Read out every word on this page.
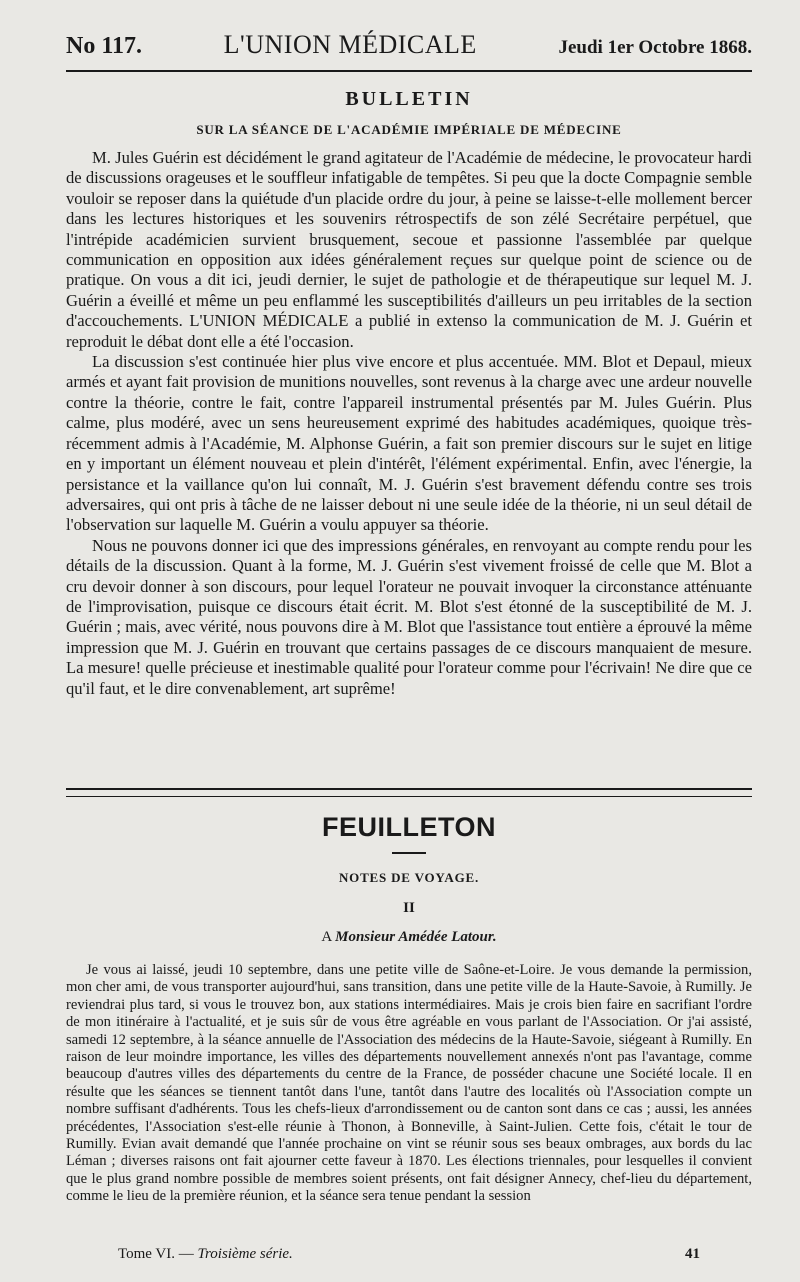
No 117.	L'UNION MÉDICALE	Jeudi 1er Octobre 1868.
BULLETIN
SUR LA SÉANCE DE L'ACADÉMIE IMPÉRIALE DE MÉDECINE

M. Jules Guérin est décidément le grand agitateur de l'Académie de médecine, le provocateur hardi de discussions orageuses et le souffleur infatigable de tempêtes. Si peu que la docte Compagnie semble vouloir se reposer dans la quiétude d'un placide ordre du jour, à peine se laisse-t-elle mollement bercer dans les lectures historiques et les souvenirs rétrospectifs de son zélé Secrétaire perpétuel, que l'intrépide académicien survient brusquement, secoue et passionne l'assemblée par quelque communication en opposition aux idées généralement reçues sur quelque point de science ou de pratique. On vous a dit ici, jeudi dernier, le sujet de pathologie et de thérapeutique sur lequel M. J. Guérin a éveillé et même un peu enflammé les susceptibilités d'ailleurs un peu irritables de la section d'accouchements. L'UNION MÉDICALE a publié in extenso la communication de M. J. Guérin et reproduit le débat dont elle a été l'occasion.

La discussion s'est continuée hier plus vive encore et plus accentuée. MM. Blot et Depaul, mieux armés et ayant fait provision de munitions nouvelles, sont revenus à la charge avec une ardeur nouvelle contre la théorie, contre le fait, contre l'appareil instrumental présentés par M. Jules Guérin. Plus calme, plus modéré, avec un sens heureusement exprimé des habitudes académiques, quoique très-récemment admis à l'Académie, M. Alphonse Guérin, a fait son premier discours sur le sujet en litige en y important un élément nouveau et plein d'intérêt, l'élément expérimental. Enfin, avec l'énergie, la persistance et la vaillance qu'on lui connaît, M. J. Guérin s'est bravement défendu contre ses trois adversaires, qui ont pris à tâche de ne laisser debout ni une seule idée de la théorie, ni un seul détail de l'observation sur laquelle M. Guérin a voulu appuyer sa théorie.

Nous ne pouvons donner ici que des impressions générales, en renvoyant au compte rendu pour les détails de la discussion. Quant à la forme, M. J. Guérin s'est vivement froissé de celle que M. Blot a cru devoir donner à son discours, pour lequel l'orateur ne pouvait invoquer la circonstance atténuante de l'improvisation, puisque ce discours était écrit. M. Blot s'est étonné de la susceptibilité de M. J. Guérin ; mais, avec vérité, nous pouvons dire à M. Blot que l'assistance tout entière a éprouvé la même impression que M. J. Guérin en trouvant que certains passages de ce discours manquaient de mesure. La mesure! quelle précieuse et inestimable qualité pour l'orateur comme pour l'écrivain! Ne dire que ce qu'il faut, et le dire convenablement, art suprême!

FEUILLETON
NOTES DE VOYAGE.
II
A Monsieur Amédée Latour.

Je vous ai laissé, jeudi 10 septembre, dans une petite ville de Saône-et-Loire. Je vous demande la permission, mon cher ami, de vous transporter aujourd'hui, sans transition, dans une petite ville de la Haute-Savoie, à Rumilly. Je reviendrai plus tard, si vous le trouvez bon, aux stations intermédiaires. Mais je crois bien faire en sacrifiant l'ordre de mon itinéraire à l'actualité, et je suis sûr de vous être agréable en vous parlant de l'Association. Or j'ai assisté, samedi 12 septembre, à la séance annuelle de l'Association des médecins de la Haute-Savoie, siégeant à Rumilly. En raison de leur moindre importance, les villes des départements nouvellement annexés n'ont pas l'avantage, comme beaucoup d'autres villes des départements du centre de la France, de posséder chacune une Société locale. Il en résulte que les séances se tiennent tantôt dans l'une, tantôt dans l'autre des localités où l'Association compte un nombre suffisant d'adhérents. Tous les chefs-lieux d'arrondissement ou de canton sont dans ce cas ; aussi, les années précédentes, l'Association s'est-elle réunie à Thonon, à Bonneville, à Saint-Julien. Cette fois, c'était le tour de Rumilly. Evian avait demandé que l'année prochaine on vint se réunir sous ses beaux ombrages, aux bords du lac Léman ; diverses raisons ont fait ajourner cette faveur à 1870. Les élections triennales, pour lesquelles il convient que le plus grand nombre possible de membres soient présents, ont fait désigner Annecy, chef-lieu du département, comme le lieu de la première réunion, et la séance sera tenue pendant la session

Tome VI. — Troisième série.	41
